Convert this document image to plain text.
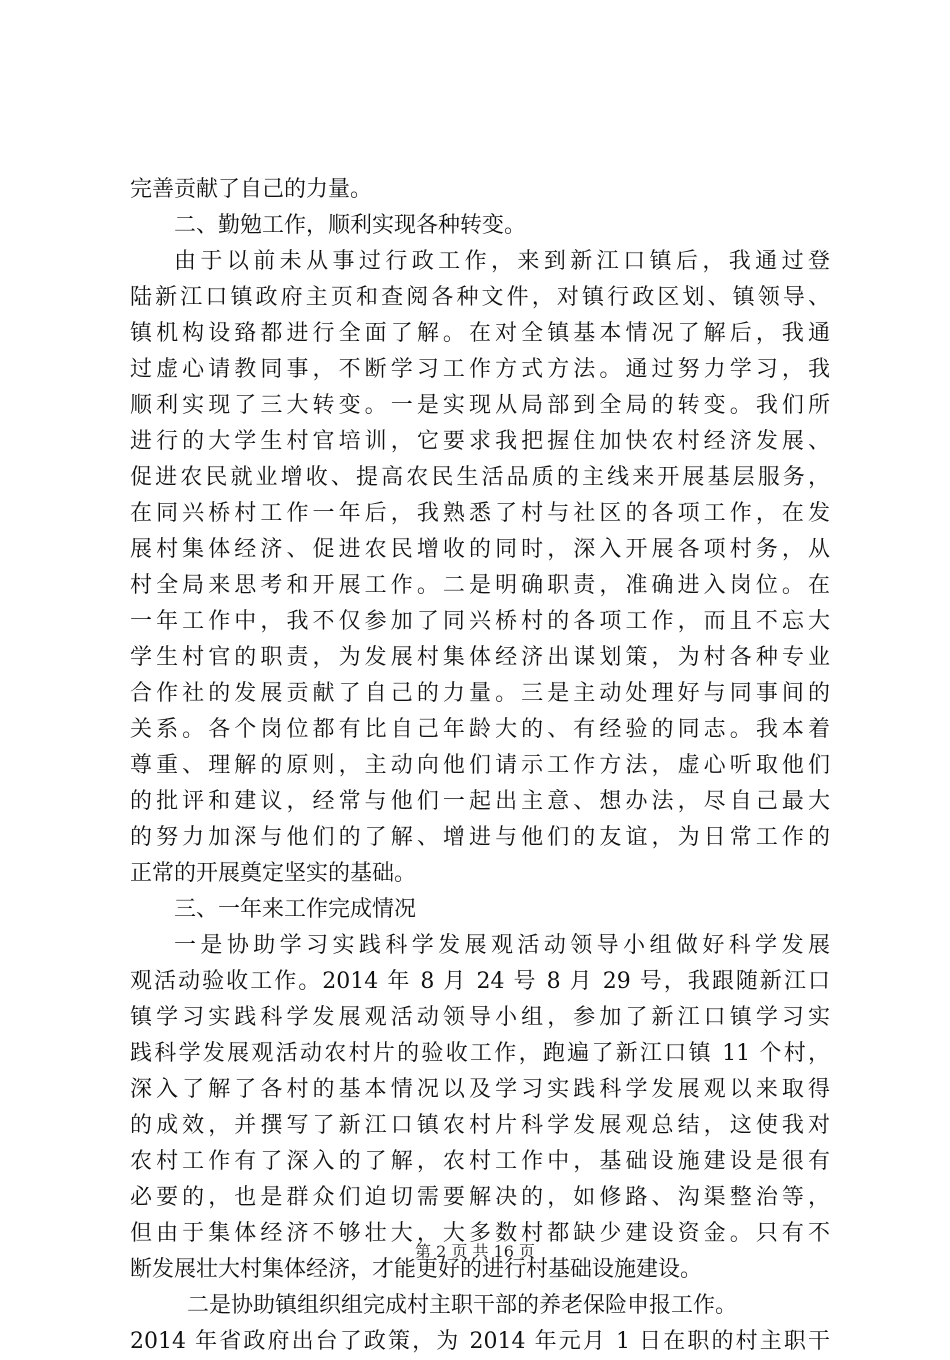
完善贡献了自己的力量。
二、勤勉工作，顺利实现各种转变。
由于以前未从事过行政工作，来到新江口镇后，我通过登
陆新江口镇政府主页和查阅各种文件，对镇行政区划、镇领导、
镇机构设臵都进行全面了解。在对全镇基本情况了解后，我通
过虚心请教同事，不断学习工作方式方法。通过努力学习，我
顺利实现了三大转变。一是实现从局部到全局的转变。我们所
进行的大学生村官培训，它要求我把握住加快农村经济发展、
促进农民就业增收、提高农民生活品质的主线来开展基层服务，
在同兴桥村工作一年后，我熟悉了村与社区的各项工作，在发
展村集体经济、促进农民增收的同时，深入开展各项村务，从
村全局来思考和开展工作。二是明确职责，准确进入岗位。在
一年工作中，我不仅参加了同兴桥村的各项工作，而且不忘大
学生村官的职责，为发展村集体经济出谋划策，为村各种专业
合作社的发展贡献了自己的力量。三是主动处理好与同事间的
关系。各个岗位都有比自己年龄大的、有经验的同志。我本着
尊重、理解的原则，主动向他们请示工作方法，虚心听取他们
的批评和建议，经常与他们一起出主意、想办法，尽自己最大
的努力加深与他们的了解、增进与他们的友谊，为日常工作的
正常的开展奠定坚实的基础。
三、一年来工作完成情况
一是协助学习实践科学发展观活动领导小组做好科学发展
观活动验收工作。2014 年 8 月 24 号 8 月 29 号，我跟随新江口
镇学习实践科学发展观活动领导小组，参加了新江口镇学习实
践科学发展观活动农村片的验收工作，跑遍了新江口镇 11 个村，
深入了解了各村的基本情况以及学习实践科学发展观以来取得
的成效，并撰写了新江口镇农村片科学发展观总结，这使我对
农村工作有了深入的了解，农村工作中，基础设施建设是很有
必要的，也是群众们迫切需要解决的，如修路、沟渠整治等，
但由于集体经济不够壮大，大多数村都缺少建设资金。只有不
断发展壮大村集体经济，才能更好的进行村基础设施建设。
二是协助镇组织组完成村主职干部的养老保险申报工作。
2014 年省政府出台了政策，为 2014 年元月 1 日在职的村主职干
第 2 页 共 16 页
